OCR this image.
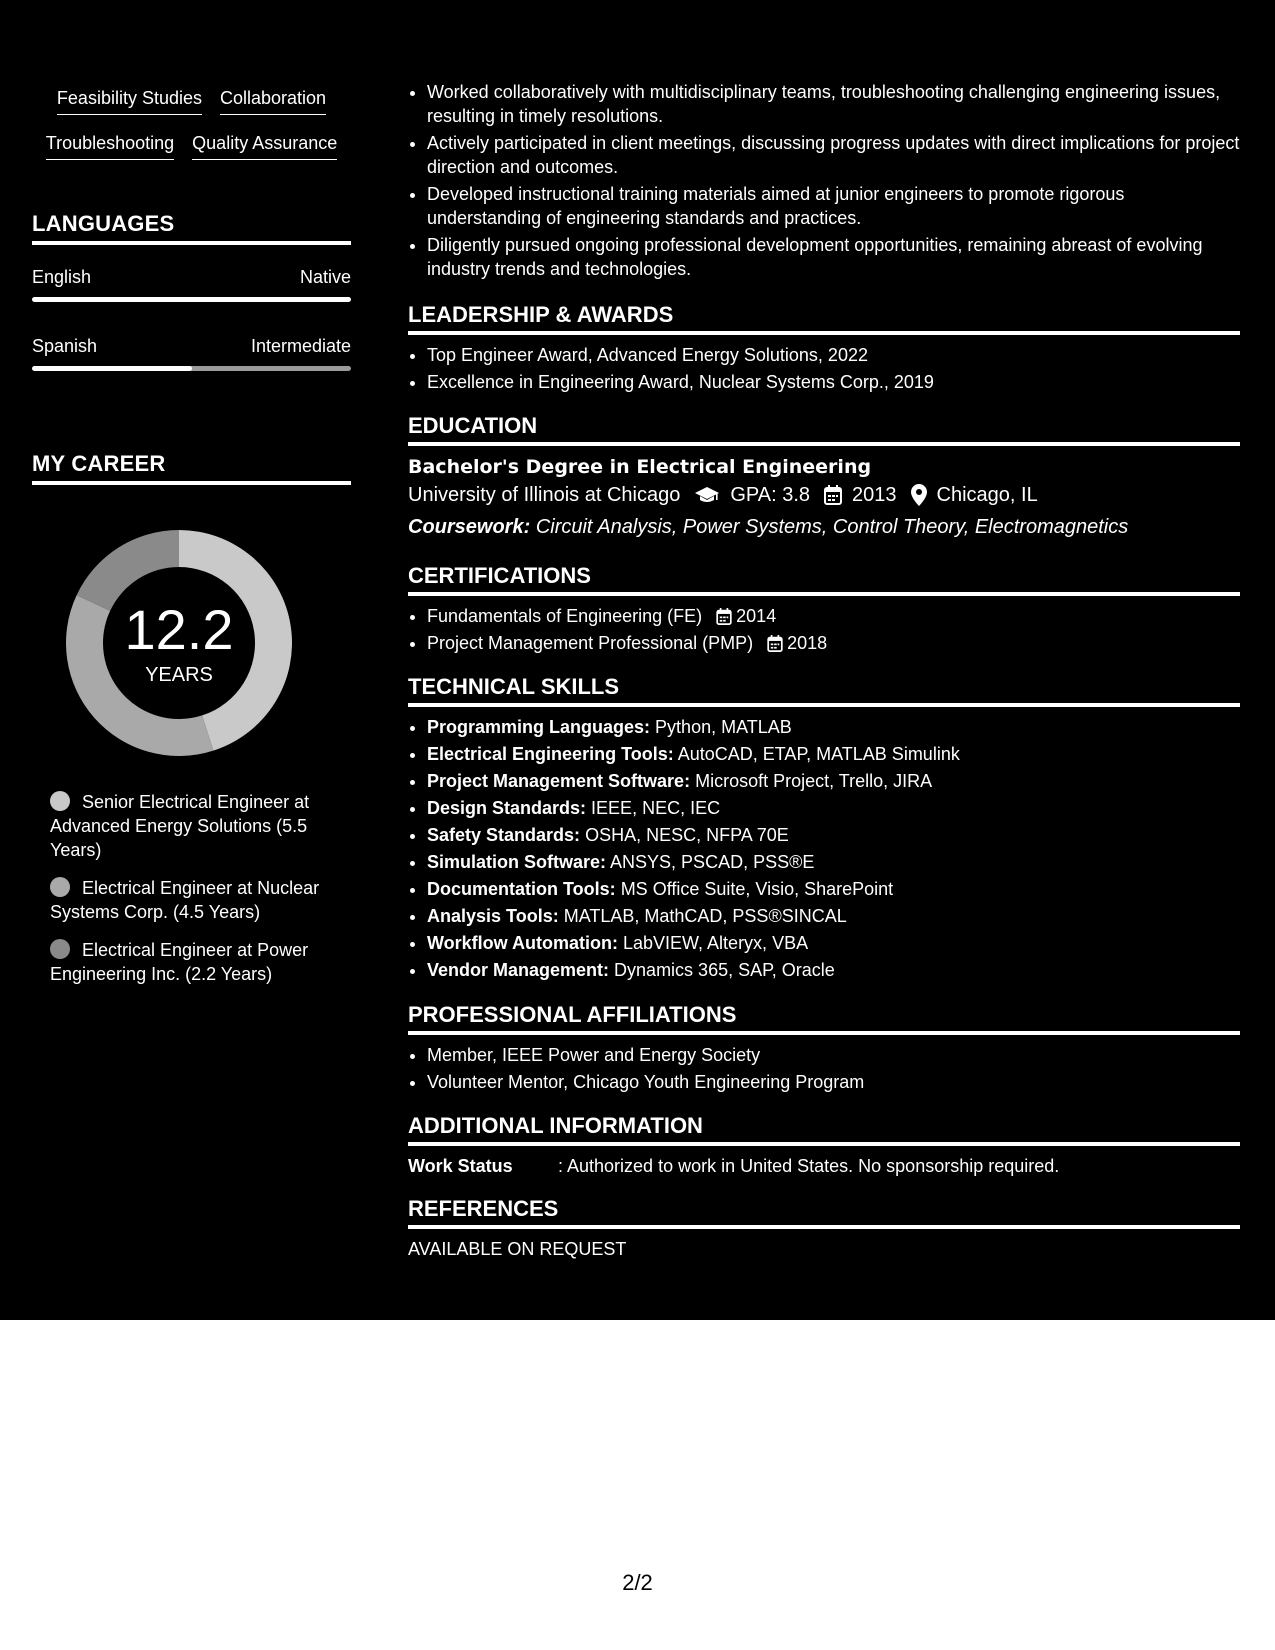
Feasibility Studies Collaboration
Troubleshooting Quality Assurance
LANGUAGES
English	Native
Spanish	Intermediate
MY CAREER
12.2
YEARS
Senior Electrical Engineer at Advanced Energy Solutions (5.5 Years)
Electrical Engineer at Nuclear Systems Corp. (4.5 Years)
Electrical Engineer at Power Engineering Inc. (2.2 Years)
• Worked collaboratively with multidisciplinary teams, troubleshooting challenging engineering issues, resulting in timely resolutions.
• Actively participated in client meetings, discussing progress updates with direct implications for project direction and outcomes.
• Developed instructional training materials aimed at junior engineers to promote rigorous understanding of engineering standards and practices.
• Diligently pursued ongoing professional development opportunities, remaining abreast of evolving industry trends and technologies.
LEADERSHIP & AWARDS
• Top Engineer Award, Advanced Energy Solutions, 2022
• Excellence in Engineering Award, Nuclear Systems Corp., 2019
EDUCATION
Bachelor's Degree in Electrical Engineering
University of Illinois at Chicago	GPA: 3.8 2013 Chicago, IL
Coursework: Circuit Analysis, Power Systems, Control Theory, Electromagnetics
CERTIFICATIONS
• Fundamentals of Engineering (FE) 2014
• Project Management Professional (PMP) 2018
TECHNICAL SKILLS
• Programming Languages: Python, MATLAB
• Electrical Engineering Tools: AutoCAD, ETAP, MATLAB Simulink
• Project Management Software: Microsoft Project, Trello, JIRA
• Design Standards: IEEE, NEC, IEC
• Safety Standards: OSHA, NESC, NFPA 70E
• Simulation Software: ANSYS, PSCAD, PSS®E
• Documentation Tools: MS Office Suite, Visio, SharePoint
• Analysis Tools: MATLAB, MathCAD, PSS®SINCAL
• Workflow Automation: LabVIEW, Alteryx, VBA
• Vendor Management: Dynamics 365, SAP, Oracle
PROFESSIONAL AFFILIATIONS
• Member, IEEE Power and Energy Society
• Volunteer Mentor, Chicago Youth Engineering Program
ADDITIONAL INFORMATION
Work Status	: Authorized to work in United States. No sponsorship required.
REFERENCES
AVAILABLE ON REQUEST
2/2
